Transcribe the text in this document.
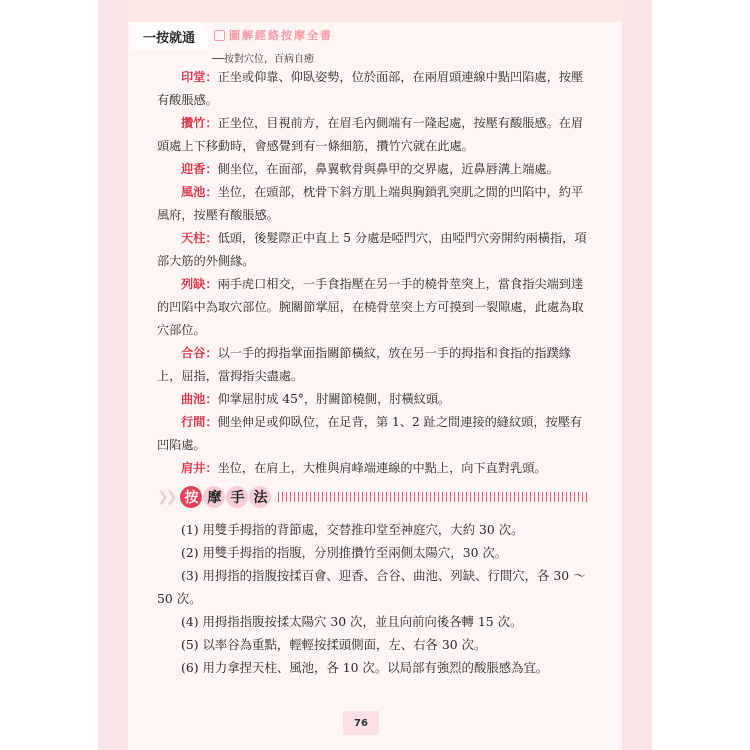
一按就通	圖解經絡按摩全書
──按對穴位，百病自癒

印堂：正坐或仰靠、仰臥姿勢，位於面部，在兩眉頭連線中點凹陷處，按壓有酸脹感。

攢竹：正坐位，目視前方，在眉毛內側端有一隆起處，按壓有酸脹感。在眉頭處上下移動時，會感覺到有一條細筋，攢竹穴就在此處。

迎香：側坐位，在面部，鼻翼軟骨與鼻甲的交界處，近鼻唇溝上端處。

風池：坐位，在頭部，枕骨下斜方肌上端與胸鎖乳突肌之間的凹陷中，約平風府，按壓有酸脹感。

天柱：低頭，後髮際正中直上 5 分處是啞門穴，由啞門穴旁開約兩橫指，項部大筋的外側緣。

列缺：兩手虎口相交，一手食指壓在另一手的橈骨莖突上，當食指尖端到達的凹陷中為取穴部位。腕關節掌屈，在橈骨莖突上方可摸到一裂隙處，此處為取穴部位。

合谷：以一手的拇指掌面指關節橫紋，放在另一手的拇指和食指的指蹼緣上，屈指，當拇指尖盡處。

曲池：仰掌屈肘成 45°，肘關節橈側，肘橫紋頭。

行間：側坐伸足或仰臥位，在足背，第 1、2 趾之間連接的縫紋頭，按壓有凹陷處。

肩井：坐位，在肩上，大椎與肩峰端連線的中點上，向下直對乳頭。

❯❯ 按 摩 手 法

(1) 用雙手拇指的背節處，交替推印堂至神庭穴，大約 30 次。

(2) 用雙手拇指的指腹，分別推攢竹至兩側太陽穴，30 次。

(3) 用拇指的指腹按揉百會、迎香、合谷、曲池、列缺、行間穴，各 30 ～ 50 次。

(4) 用拇指指腹按揉太陽穴 30 次，並且向前向後各轉 15 次。

(5) 以率谷為重點，輕輕按揉頭側面，左、右各 30 次。

(6) 用力拿捏天柱、風池，各 10 次。以局部有強烈的酸脹感為宜。

76
